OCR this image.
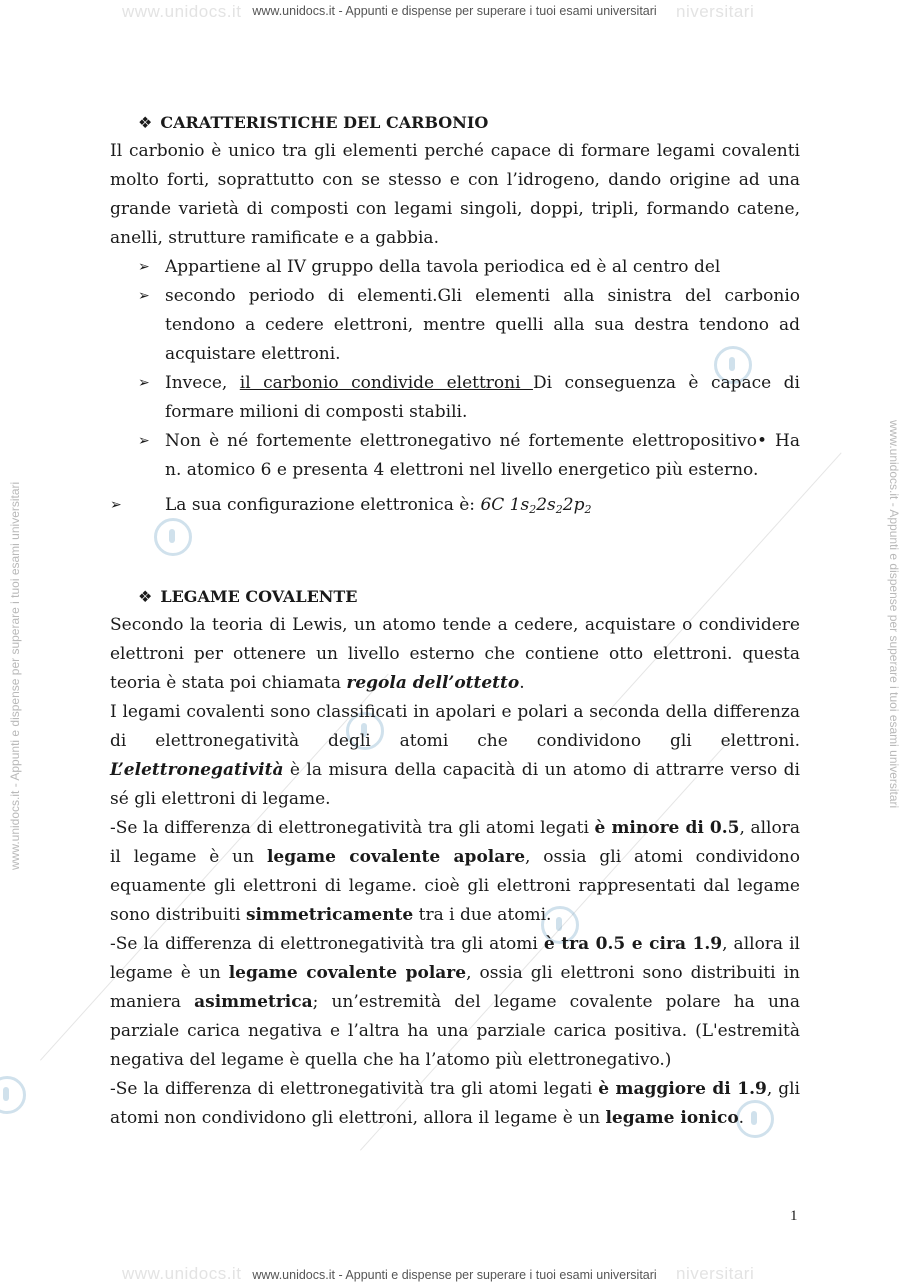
www.unidocs.it	niversitari
www.unidocs.it	niversitari
www.unidocs.it - Appunti e dispense per superare i tuoi esami universitari
www.unidocs.it - Appunti e dispense per superare i tuoi esami universitari
www.unidocs.it - Appunti e dispense per superare i tuoi esami universitari	www.unidocs.it - Appunti e dispense per superare i tuoi esami universitari
❖ CARATTERISTICHE DEL CARBONIO
Il carbonio è unico tra gli elementi perché capace di formare legami covalenti molto forti, soprattutto con se stesso e con l’idrogeno, dando origine ad una grande varietà di composti con legami singoli, doppi, tripli, formando catene, anelli, strutture ramificate e a gabbia.
➢ Appartiene al IV gruppo della tavola periodica ed è al centro del
➢ secondo periodo di elementi.Gli elementi alla sinistra del carbonio tendono a cedere elettroni, mentre quelli alla sua destra tendono ad acquistare elettroni.
➢ Invece, il carbonio condivide elettroni Di conseguenza è capace di formare milioni di composti stabili.
➢ Non è né fortemente elettronegativo né fortemente elettropositivo• Ha n. atomico 6 e presenta 4 elettroni nel livello energetico più esterno.
➢	La sua configurazione elettronica è: 6C $1s_22s_22p_2$
❖ LEGAME COVALENTE
Secondo la teoria di Lewis, un atomo tende a cedere, acquistare o condividere elettroni per ottenere un livello esterno che contiene otto elettroni. questa teoria è stata poi chiamata regola dell’ottetto.
I legami covalenti sono classificati in apolari e polari a seconda della differenza di elettronegatività degli atomi che condividono gli elettroni. L’elettronegatività è la misura della capacità di un atomo di attrarre verso di sé gli elettroni di legame.
-Se la differenza di elettronegatività tra gli atomi legati è minore di 0.5, allora il legame è un legame covalente apolare, ossia gli atomi condividono equamente gli elettroni di legame. cioè gli elettroni rappresentati dal legame sono distribuiti simmetricamente tra i due atomi.
-Se la differenza di elettronegatività tra gli atomi è tra 0.5 e cira 1.9, allora il legame è un legame covalente polare, ossia gli elettroni sono distribuiti in maniera asimmetrica; un’estremità del legame covalente polare ha una parziale carica negativa e l’altra ha una parziale carica positiva. (L'estremità negativa del legame è quella che ha l’atomo più elettronegativo.)
-Se la differenza di elettronegatività tra gli atomi legati è maggiore di 1.9, gli atomi non condividono gli elettroni, allora il legame è un legame ionico.
1
